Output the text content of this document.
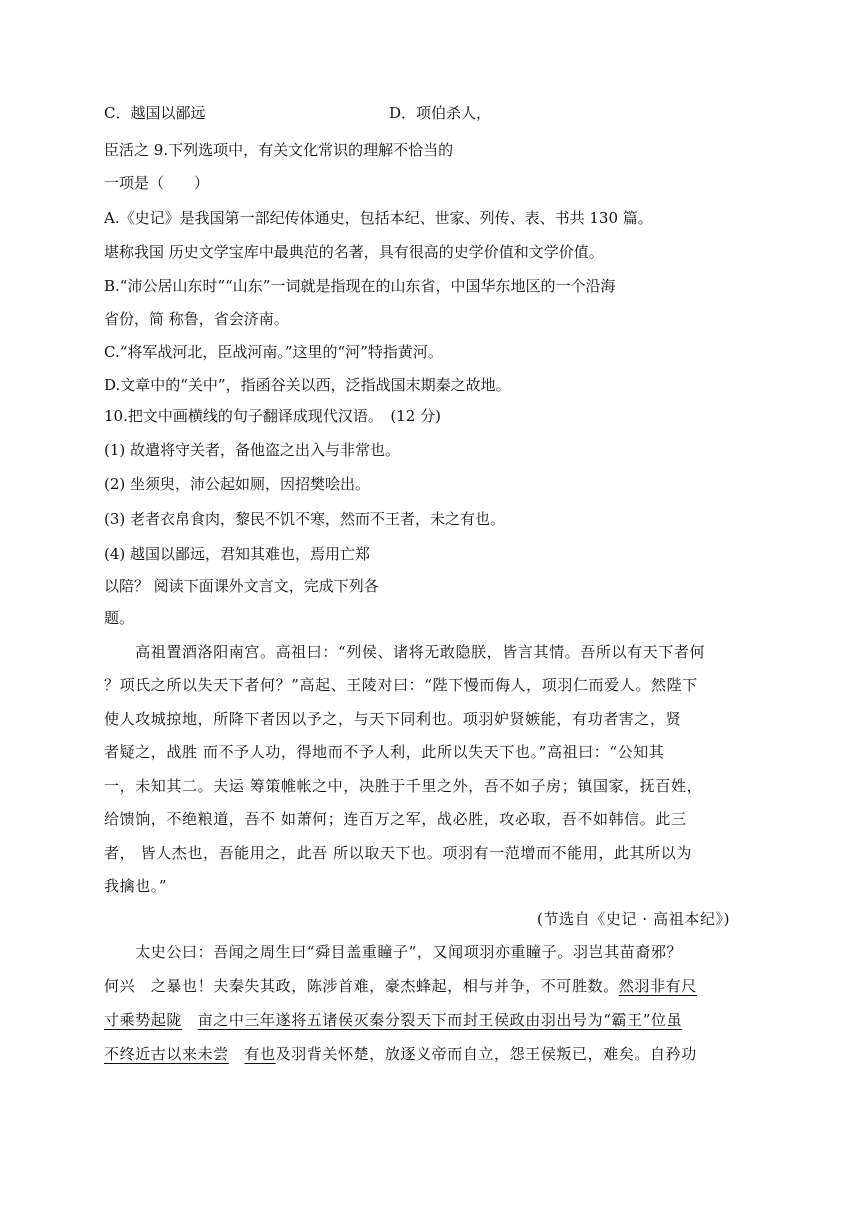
C．越国以鄙远	D．项伯杀人，
臣活之 9.下列选项中，有关文化常识的理解不恰当的
一项是（　　）
A.《史记》是我国第一部纪传体通史，包括本纪、世家、列传、表、书共 130 篇。
堪称我国 历史文学宝库中最典范的名著，具有很高的史学价值和文学价值。
B.“沛公居山东时”“山东”一词就是指现在的山东省，中国华东地区的一个沿海
省份，简 称鲁，省会济南。
C.“将军战河北，臣战河南。”这里的“河”特指黄河。
D.文章中的“关中”，指函谷关以西，泛指战国末期秦之故地。
10.把文中画横线的句子翻译成现代汉语。　(12 分)
(1) 故遣将守关者，备他盗之出入与非常也。
(2) 坐须臾，沛公起如厕，因招樊哙出。
(3) 老者衣帛食肉，黎民不饥不寒，然而不王者，未之有也。
(4) 越国以鄙远，君知其难也，焉用亡郑
以陪？ 阅读下面课外文言文，完成下列各
题。
　　高祖置酒洛阳南宫。高祖曰：“列侯、诸将无敢隐朕，皆言其情。吾所以有天下者何
？项氏之所以失天下者何？”高起、王陵对曰：“陛下慢而侮人，项羽仁而爱人。然陛下
使人攻城掠地，所降下者因以予之，与天下同利也。项羽妒贤嫉能，有功者害之，贤
者疑之，战胜 而不予人功，得地而不予人利，此所以失天下也。”高祖曰：“公知其
一，未知其二。夫运 筹策帷帐之中，决胜于千里之外，吾不如子房；镇国家，抚百姓，
给馈饷，不绝粮道，吾不 如萧何；连百万之军，战必胜，攻必取，吾不如韩信。此三
者， 皆人杰也，吾能用之，此吾 所以取天下也。项羽有一范增而不能用，此其所以为
我擒也。”
(节选自《史记 · 高祖本纪》)
　　太史公曰：吾闻之周生曰“舜目盖重瞳子”，又闻项羽亦重瞳子。羽岂其苗裔邪？
何兴　 之暴也！夫秦失其政，陈涉首难，豪杰蜂起，相与并争，不可胜数。然羽非有尺
寸乘势起陇　 亩之中三年遂将五诸侯灭秦分裂天下而封王侯政由羽出号为“霸王”位虽
不终近古以来未尝　 有也及羽背关怀楚，放逐义帝而自立，怨王侯叛已，难矣。自矜功
